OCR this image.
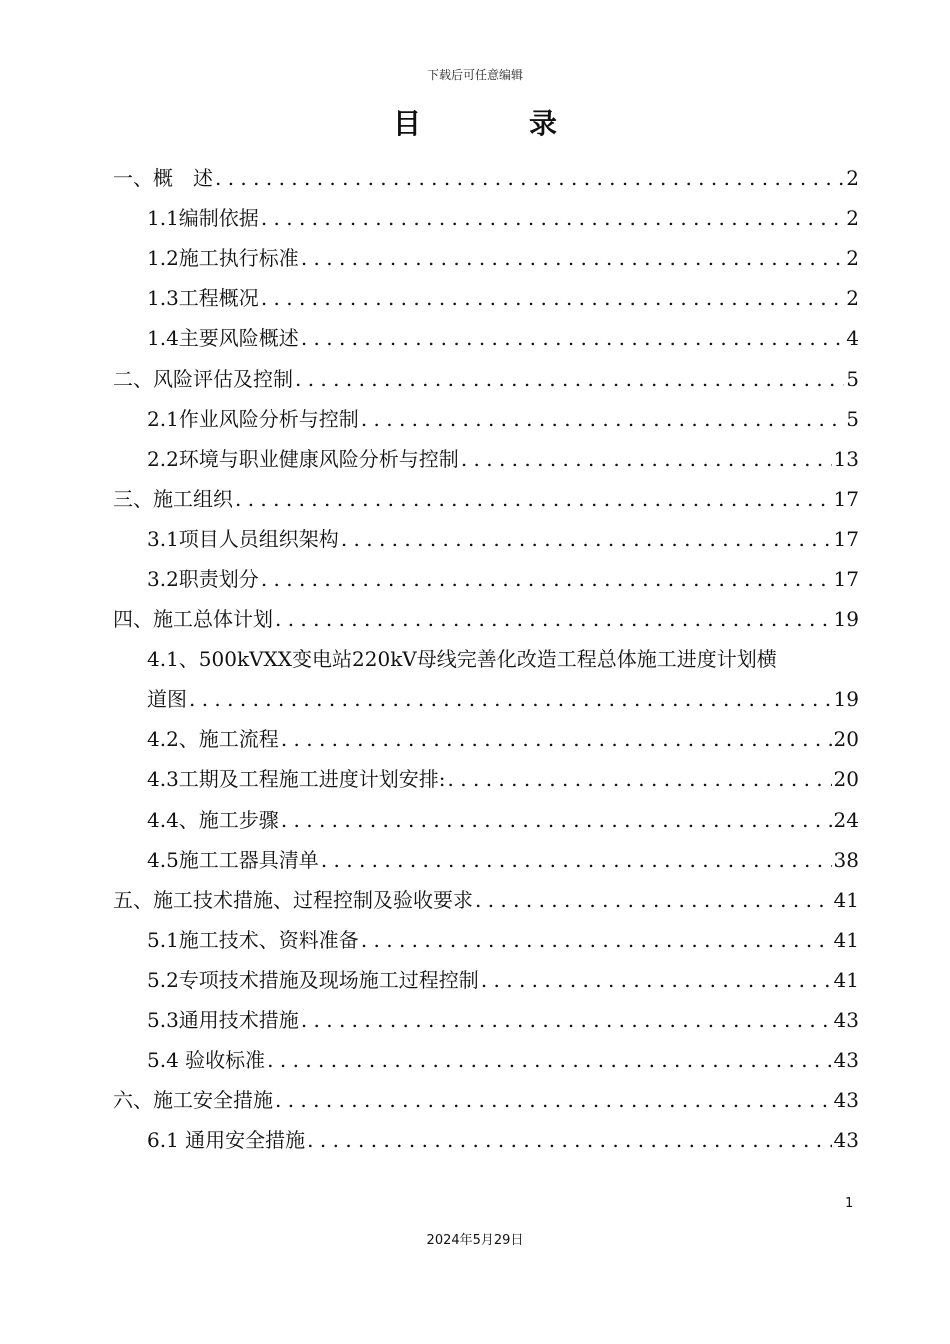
下载后可任意编辑
目　录
一、概　述 . . .	2
1.1编制依据 . . .	2
1.2施工执行标准 . . .	2
1.3工程概况 . . .	2
1.4主要风险概述 . . .	4
二、风险评估及控制 . . .	5
2.1作业风险分析与控制 . . .	5
2.2环境与职业健康风险分析与控制 . . .	13
三、施工组织 . . .	17
3.1项目人员组织架构 . . .	17
3.2职责划分 . . .	17
四、施工总体计划 . . .	19
4.1、500kVXX变电站220kV母线完善化改造工程总体施工进度计划横
道图 . . .	19
4.2、施工流程 . . .	20
4.3工期及工程施工进度计划安排: . . .	20
4.4、施工步骤 . . .	24
4.5施工工器具清单 . . .	38
五、施工技术措施、过程控制及验收要求 . . .	41
5.1施工技术、资料准备 . . .	41
5.2专项技术措施及现场施工过程控制 . . .	41
5.3通用技术措施 . . .	43
5.4 验收标准 . . .	43
六、施工安全措施 . . .	43
6.1 通用安全措施 . . .	43
1
2024年5月29日
